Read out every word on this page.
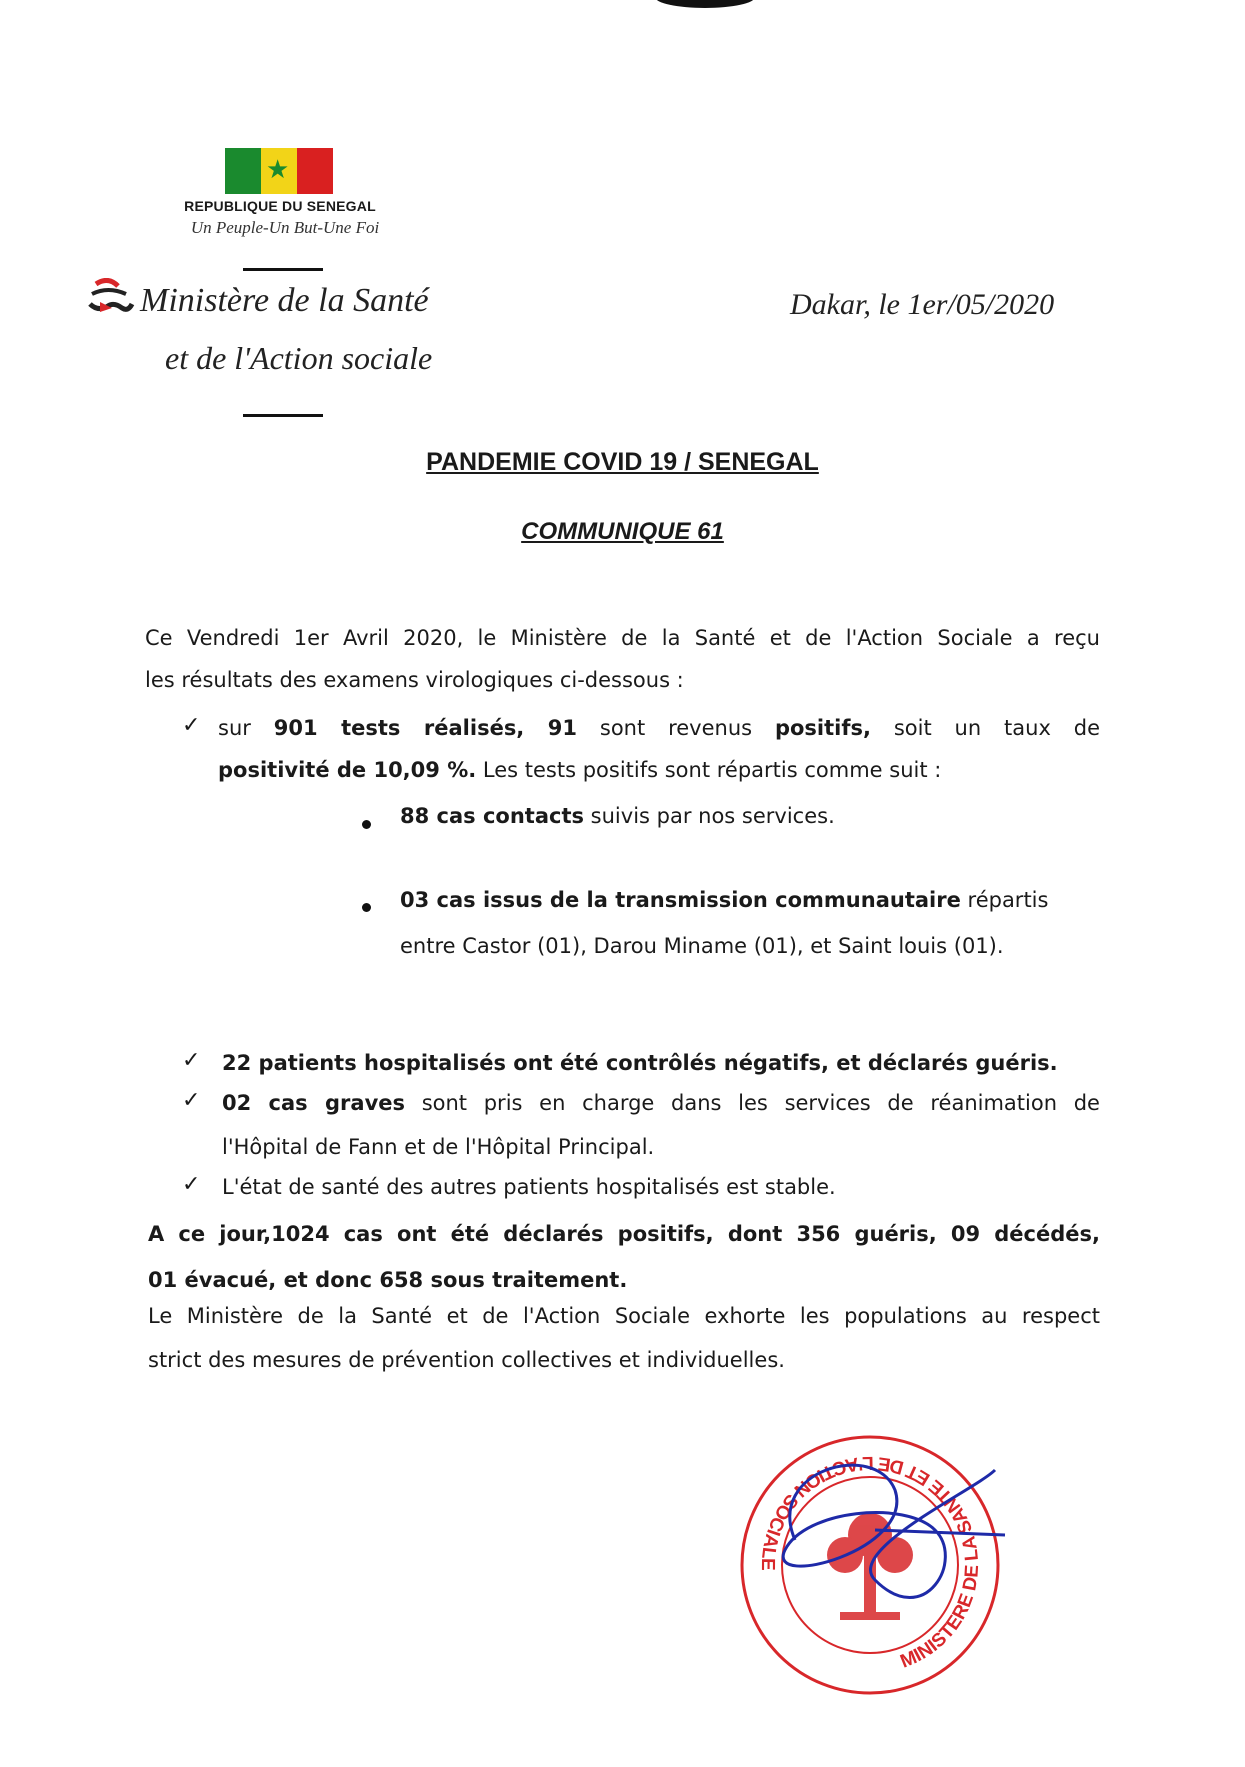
★
REPUBLIQUE DU SENEGAL
Un Peuple-Un But-Une Foi
Ministère de la Santé
et de l'Action sociale
Dakar, le 1er/05/2020
PANDEMIE COVID 19 / SENEGAL
COMMUNIQUE 61
Ce Vendredi 1er Avril 2020, le Ministère de la Santé et de l'Action Sociale a reçu
les résultats des examens virologiques ci-dessous :
✓ sur 901 tests réalisés, 91 sont revenus positifs, soit un taux de
positivité de 10,09 %. Les tests positifs sont répartis comme suit :
88 cas contacts suivis par nos services.
03 cas issus de la transmission communautaire répartis
entre Castor (01), Darou Miname (01), et Saint louis (01).
✓ 22 patients hospitalisés ont été contrôlés négatifs, et déclarés guéris.
✓ 02 cas graves sont pris en charge dans les services de réanimation de
l'Hôpital de Fann et de l'Hôpital Principal.
✓ L'état de santé des autres patients hospitalisés est stable.
A ce jour,1024 cas ont été déclarés positifs, dont 356 guéris, 09 décédés,
01 évacué, et donc 658 sous traitement.
Le Ministère de la Santé et de l'Action Sociale exhorte les populations au respect
strict des mesures de prévention collectives et individuelles.
MINISTERE DE LA SANTE ET DE L'ACTION SOCIALE
